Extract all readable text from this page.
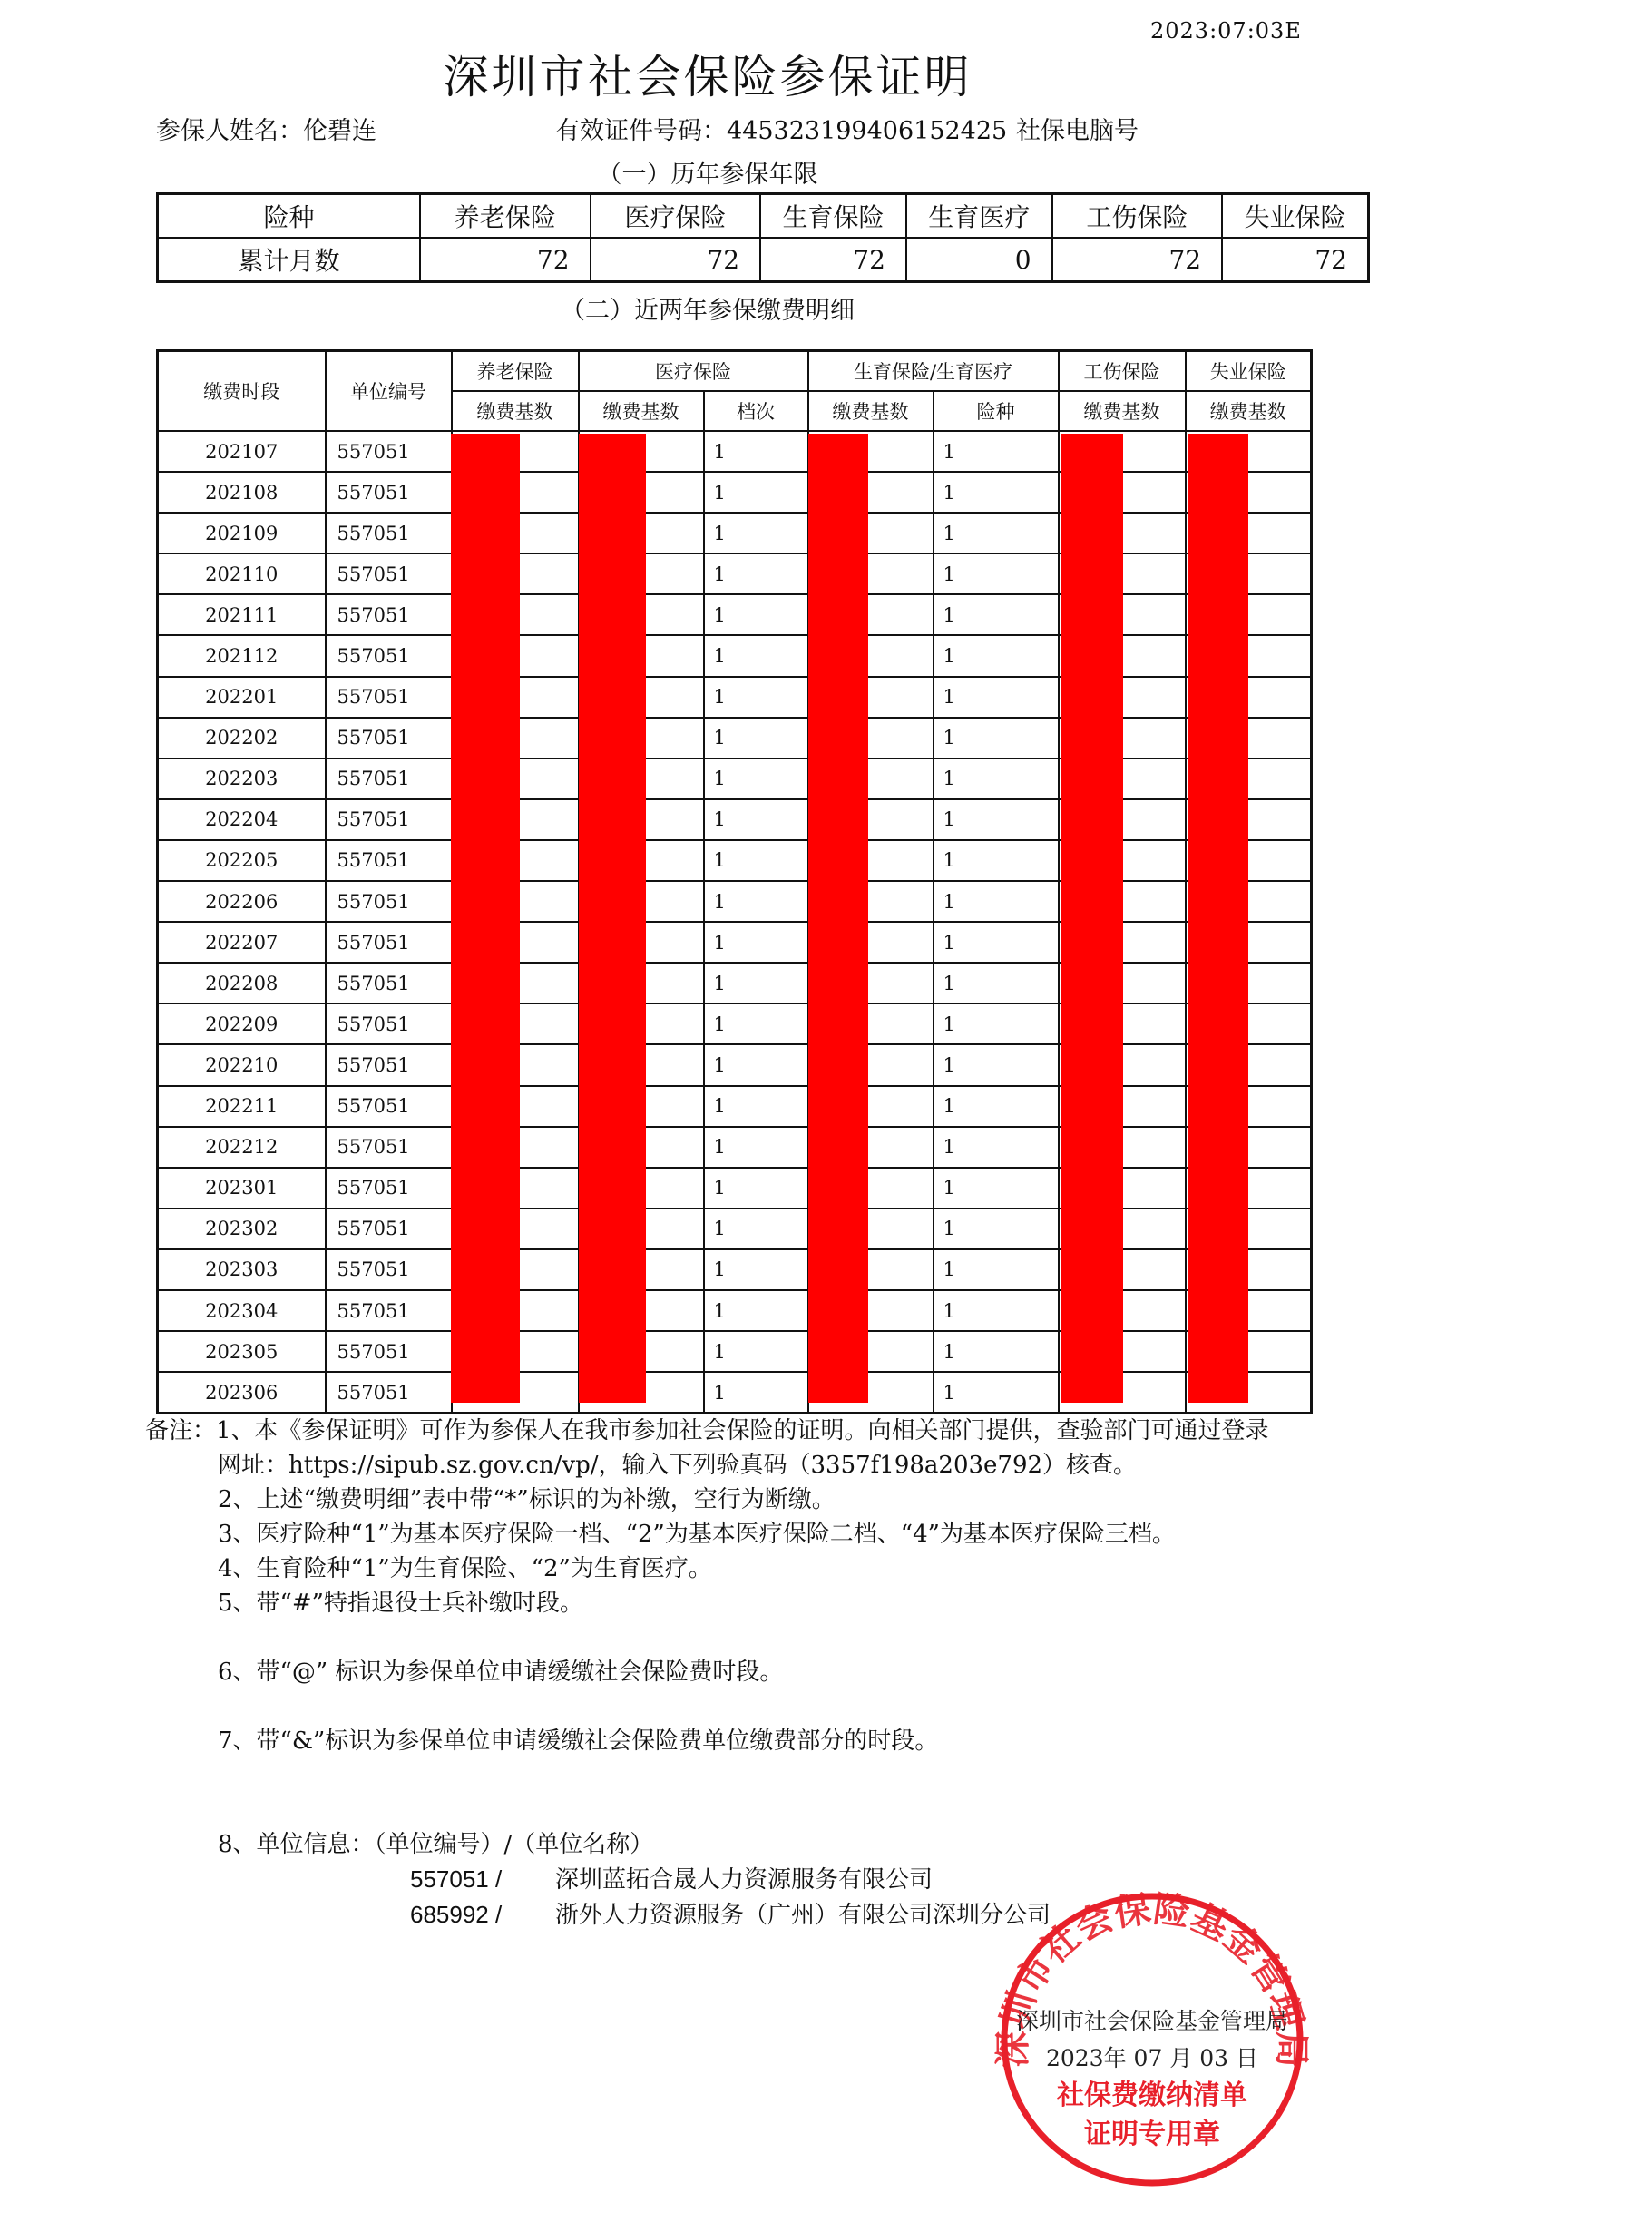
2023:07:03E
深圳市社会保险参保证明
参保人姓名：伦碧连	有效证件号码：445323199406152425 社保电脑号
（一）历年参保年限
险种	养老保险	医疗保险	生育保险	生育医疗	工伤保险	失业保险
累计月数	72	72	72	0	72	72
（二）近两年参保缴费明细
缴费时段	单位编号	养老保险	医疗保险		生育保险/生育医疗		工伤保险	失业保险
		缴费基数	缴费基数	档次	缴费基数	险种	缴费基数	缴费基数
202107	557051			1		1		
202108	557051			1		1		
202109	557051			1		1		
202110	557051			1		1		
202111	557051			1		1		
202112	557051			1		1		
202201	557051			1		1		
202202	557051			1		1		
202203	557051			1		1		
202204	557051			1		1		
202205	557051			1		1		
202206	557051			1		1		
202207	557051			1		1		
202208	557051			1		1		
202209	557051			1		1		
202210	557051			1		1		
202211	557051			1		1		
202212	557051			1		1		
202301	557051			1		1		
202302	557051			1		1		
202303	557051			1		1		
202304	557051			1		1		
202305	557051			1		1		
202306	557051			1		1		
备注：1、本《参保证明》可作为参保人在我市参加社会保险的证明。向相关部门提供，查验部门可通过登录
网址：https://sipub.sz.gov.cn/vp/，输入下列验真码（3357f198a203e792）核查。
2、上述“缴费明细”表中带“*”标识的为补缴，空行为断缴。
3、医疗险种“1”为基本医疗保险一档、“2”为基本医疗保险二档、“4”为基本医疗保险三档。
4、生育险种“1”为生育保险、“2”为生育医疗。
5、带“#”特指退役士兵补缴时段。
6、带“@” 标识为参保单位申请缓缴社会保险费时段。
7、带“&”标识为参保单位申请缓缴社会保险费单位缴费部分的时段。
8、单位信息：（单位编号）/（单位名称）
557051 / 深圳蓝拓合晟人力资源服务有限公司
685992 / 浙外人力资源服务（广州）有限公司深圳分公司
深圳市社会保险基金管理局
深圳市社会保险基金管理局
2023年 07 月 03 日
社保费缴纳清单
证明专用章
